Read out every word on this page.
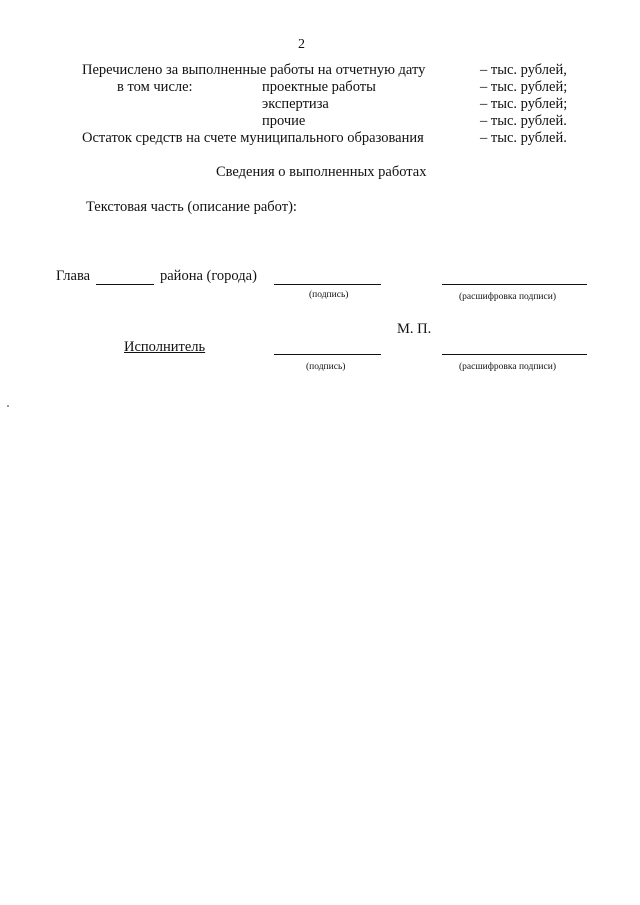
2
Перечислено за выполненные работы на отчетную дату	– тыс. рублей,
в том числе:	проектные работы	– тыс. рублей;
экспертиза	– тыс. рублей;
прочие	– тыс. рублей.
Остаток средств на счете муниципального образования	– тыс. рублей.
Сведения о выполненных работах
Текстовая часть (описание работ):
Глава	района (города)
(подпись)	(расшифровка подписи)
М. П.
Исполнитель
(подпись)	(расшифровка подписи)
